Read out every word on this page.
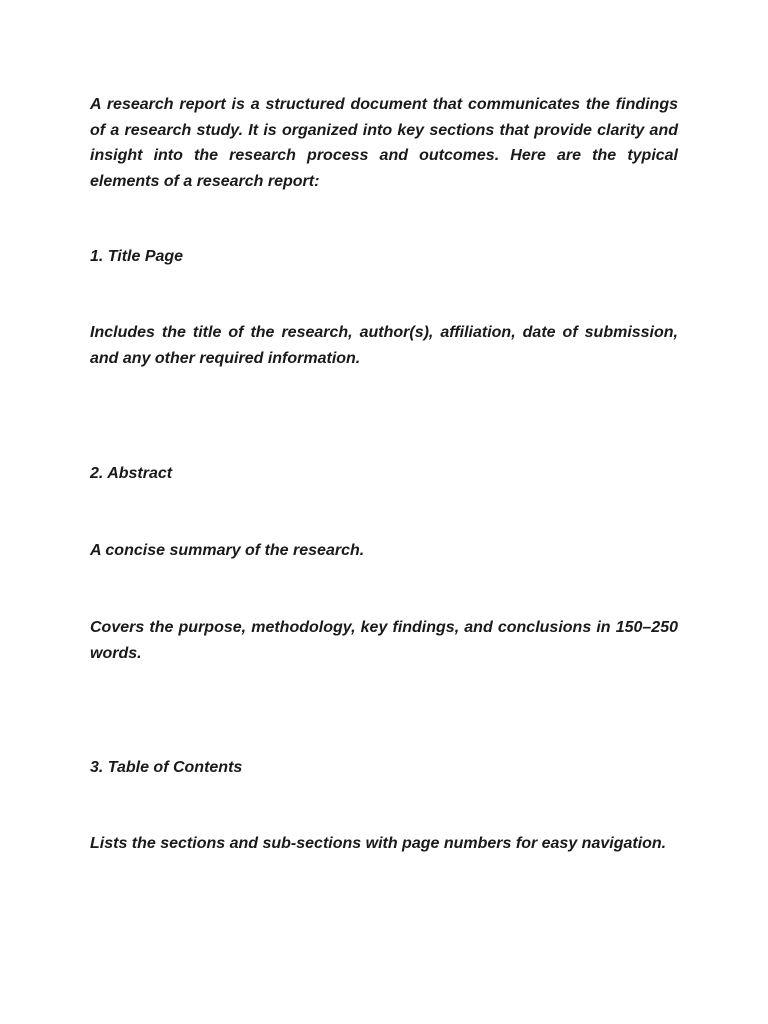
A research report is a structured document that communicates the findings of a research study. It is organized into key sections that provide clarity and insight into the research process and outcomes. Here are the typical elements of a research report:

1. Title Page

Includes the title of the research, author(s), affiliation, date of submission, and any other required information.

2. Abstract

A concise summary of the research.

Covers the purpose, methodology, key findings, and conclusions in 150–250 words.

3. Table of Contents

Lists the sections and sub-sections with page numbers for easy navigation.
